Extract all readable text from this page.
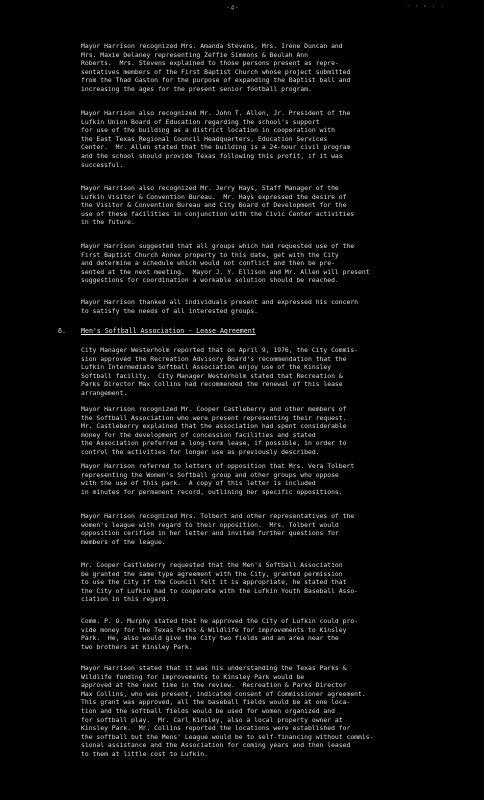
-4-	' ' " ' '

Mayor Harrison recognized Mrs. Amanda Stevens, Mrs. Irene Duncan and
Mrs. Maxie Delaney representing Zeffie Simmons & Beulah Ann
Roberts.  Mrs. Stevens explained to those persons present as repre-
sentatives members of the First Baptist Church whose project submitted
from the Thad Gaston for the purpose of expanding the Baptist ball and
increasing the ages for the present senior football program.

Mayor Harrison also recognized Mr. John T. Allen, Jr. President of the
Lufkin Union Board of Education regarding the school's support
for use of the building as a district location in cooperation with
the East Texas Regional Council Headquarters, Education Services
Center.  Mr. Allen stated that the building is a 24-hour civil program
and the school should provide Texas following this profit, if it was
successful.

Mayor Harrison also recognized Mr. Jerry Hays, Staff Manager of the
Lufkin Visitor & Convention Bureau.  Mr. Hays expressed the desire of
the Visitor & Convention Bureau and City Board of Development for the
use of these facilities in conjunction with the Civic Center activities
in the future.

Mayor Harrison suggested that all groups which had requested use of the
First Baptist Church Annex property to this date, get with the City
and determine a schedule which would not conflict and then be pre-
sented at the next meeting.  Mayor J. Y. Ellison and Mr. Allen will present
suggestions for coordination a workable solution should be reached.

Mayor Harrison thanked all individuals present and expressed his concern
to satisfy the needs of all interested groups.

6. Men's Softball Association - Lease Agreement

City Manager Westerholm reported that on April 9, 1976, the City Commis-
sion approved the Recreation Advisory Board's recommendation that the
Lufkin Intermediate Softball Association enjoy use of the Kinsley
Softball facility.  City Manager Westerholm stated that Recreation &
Parks Director Max Collins had recommended the renewal of this lease
arrangement.

Mayor Harrison recognized Mr. Cooper Castleberry and other members of
the Softball Association who were present representing their request.
Mr. Castleberry explained that the association had spent considerable
money for the development of concession facilities and stated
the Association preferred a long-term lease, if possible, in order to
control the activities for longer use as previously described.

Mayor Harrison referred to letters of opposition that Mrs. Vera Tolbert
representing the Women's Softball group and other groups who oppose
with the use of this park.  A copy of this letter is included
in minutes for permanent record, outlining her specific oppositions.

Mayor Harrison recognized Mrs. Tolbert and other representatives of the
women's league with regard to their opposition.  Mrs. Tolbert would
opposition cerified in her letter and invited further questions for
members of the league.

Mr. Cooper Castleberry requested that the Men's Softball Association
be granted the same type agreement with the City, granted permission
to use the City if the Council felt it is appropriate, he stated that
the City of Lufkin had to cooperate with the Lufkin Youth Baseball Asso-
ciation in this regard.

Comm. P. O. Murphy stated that he approved the City of Lufkin could pro-
vide money for the Texas Parks & Wildlife for improvements to Kinsley
Park.  He, also would give the City two fields and an area near the
two brothers at Kinsley Park.

Mayor Harrison stated that it was his understanding the Texas Parks &
Wildlife funding for improvements to Kinsley Park would be
approved at the next time in the review.  Recreation & Parks Director
Max Collins, who was present, indicated consent of Commissioner agreement.
This grant was approved, all the baseball fields would be at one loca-
tion and the softball fields would be used for women organized and
for softball play.  Mr. Carl Kinsley, also a local property owner at
Kinsley Park.  Mr. Collins reported the locations were established for
the softball but the Mens' League would be to self-financing without commis-
sional assistance and the Association for coming years and then leased
to them at little cost to Lufkin.
